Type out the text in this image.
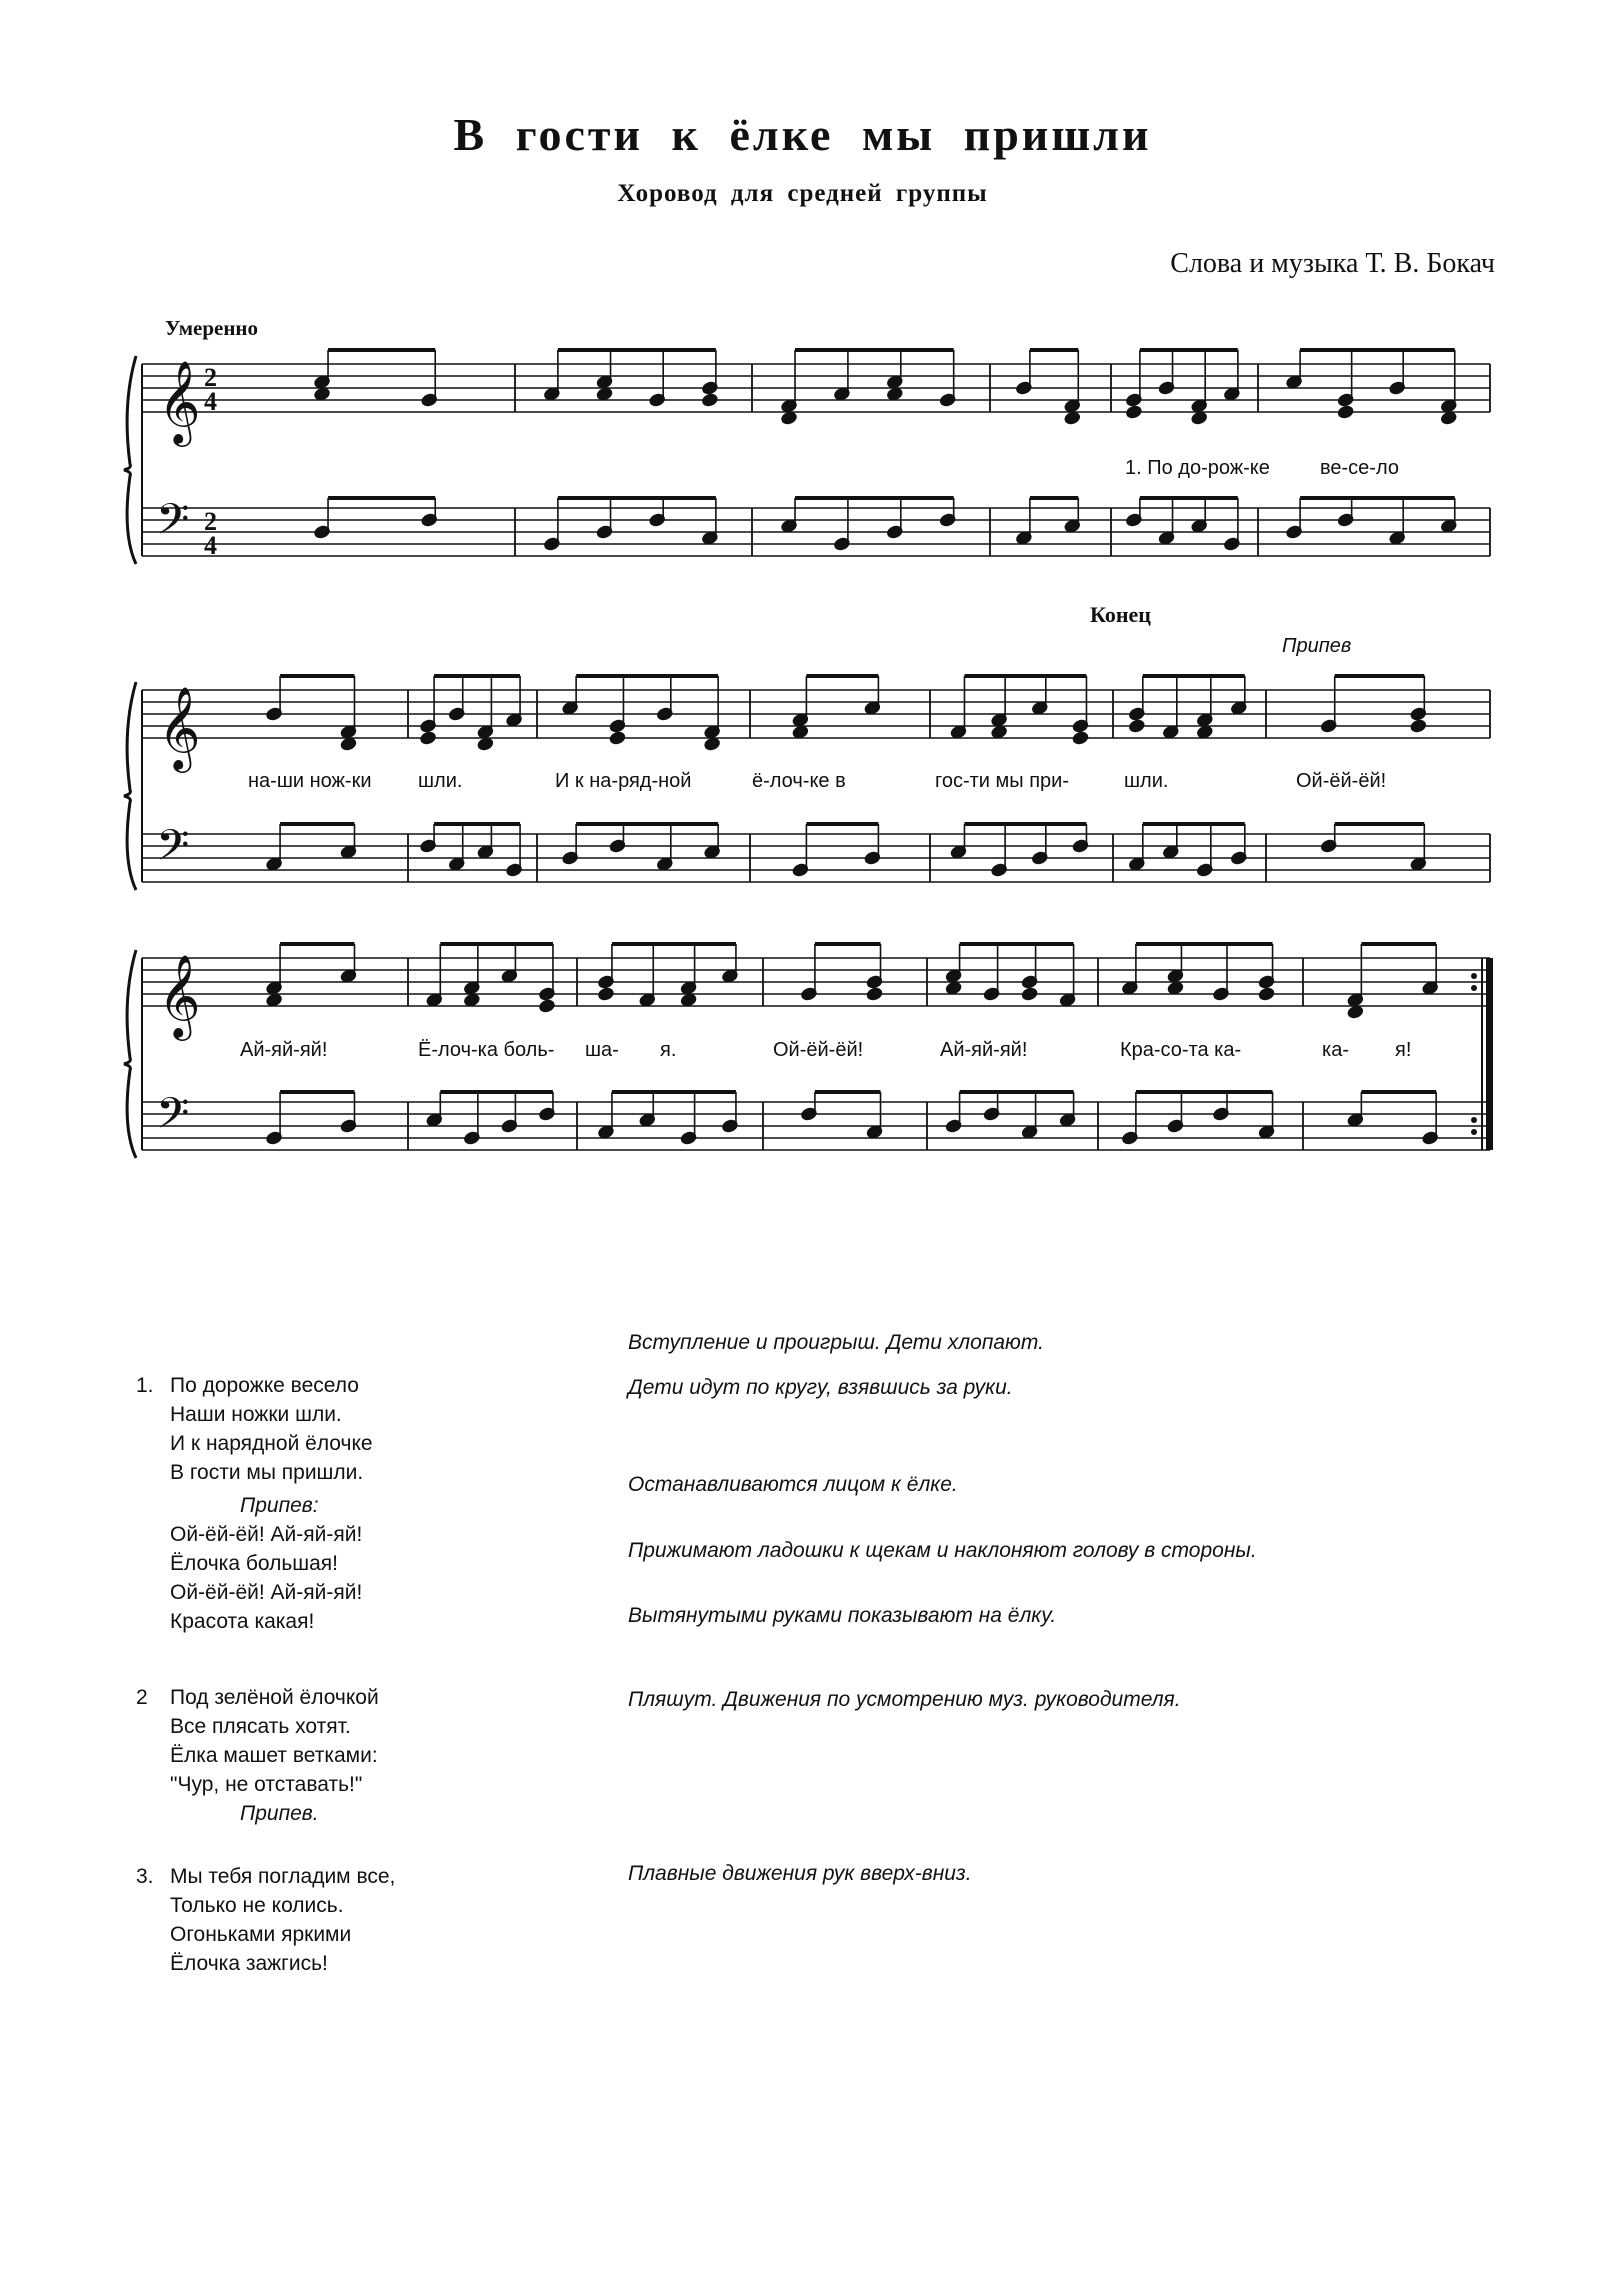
В гости к ёлке мы пришли
Хоровод для средней группы
Слова и музыка Т. В. Бокач
Умеренно
𝄞
𝄢
2
2
4
4
𝄞
𝄢
𝄞
𝄢
Конец
Припев
1. По до-рож-ке	ве-се-ло
на-ши нож-ки шли.	И к на-ряд-ной	ё-лоч-ке в	гос-ти мы при-	шли.	Ой-ёй-ёй!
Ай-яй-яй!	Ё-лоч-ка боль- ша- я.	Ой-ёй-ёй!	Ай-яй-яй!	Кра-со-та ка-	ка- я!
1. По дорожке весело
Наши ножки шли.
И к нарядной ёлочке
В гости мы пришли.
Припев:
Ой-ёй-ёй! Ай-яй-яй!
Ёлочка большая!
Ой-ёй-ёй! Ай-яй-яй!
Красота какая!
2 Под зелёной ёлочкой
Все плясать хотят.
Ёлка машет ветками:
"Чур, не отставать!"
Припев.
3. Мы тебя погладим все,
Только не колись.
Огоньками яркими
Ёлочка зажгись!
Вступление и проигрыш. Дети хлопают.
Дети идут по кругу, взявшись за руки.
Останавливаются лицом к ёлке.
Прижимают ладошки к щекам и наклоняют голову в стороны.
Вытянутыми руками показывают на ёлку.
Пляшут. Движения по усмотрению муз. руководителя.
Плавные движения рук вверх-вниз.
